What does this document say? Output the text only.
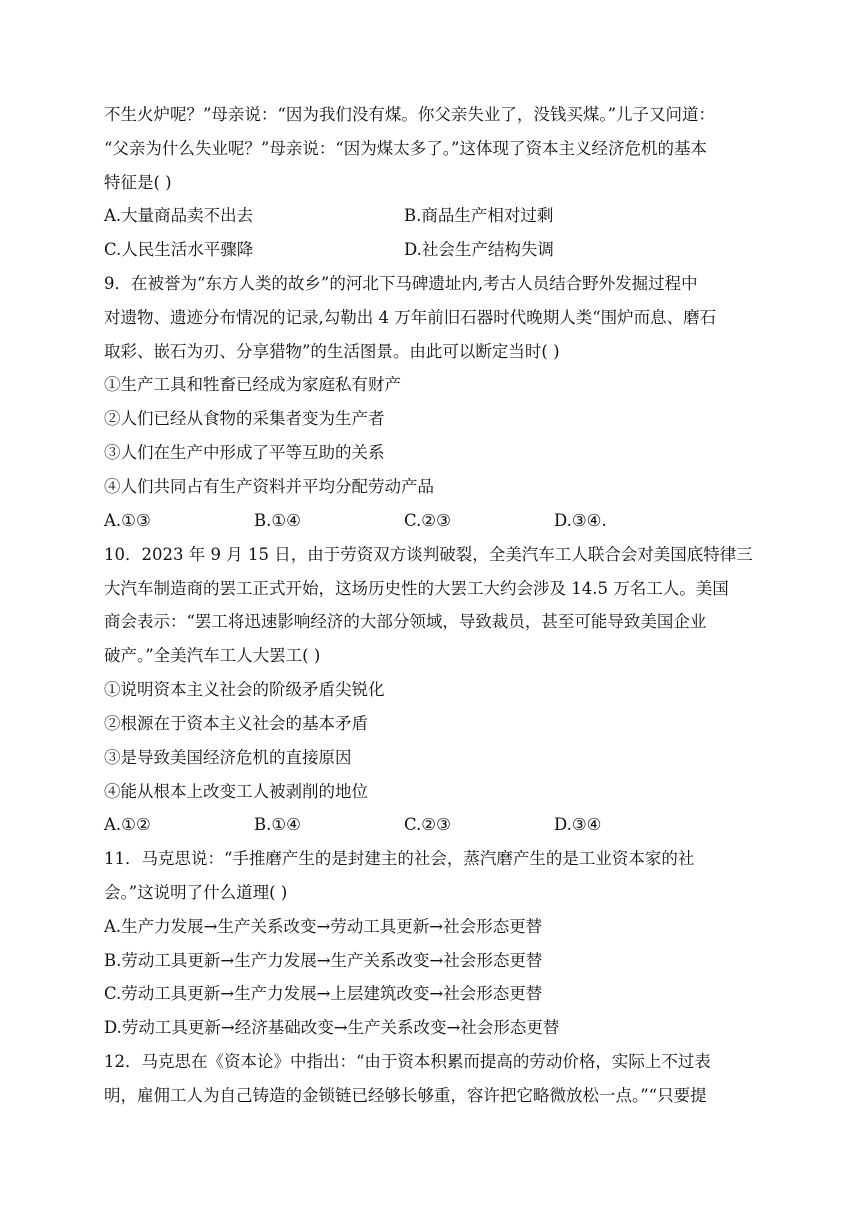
不生火炉呢？”母亲说：“因为我们没有煤。你父亲失业了，没钱买煤。”儿子又问道：
“父亲为什么失业呢？”母亲说：“因为煤太多了。”这体现了资本主义经济危机的基本
特征是( )
A.大量商品卖不出去	B.商品生产相对过剩
C.人民生活水平骤降	D.社会生产结构失调
9．在被誉为“东方人类的故乡”的河北下马碑遗址内,考古人员结合野外发掘过程中
对遗物、遗迹分布情况的记录,勾勒出 4 万年前旧石器时代晚期人类“围炉而息、磨石
取彩、嵌石为刃、分享猎物”的生活图景。由此可以断定当时( )
①生产工具和牲畜已经成为家庭私有财产
②人们已经从食物的采集者变为生产者
③人们在生产中形成了平等互助的关系
④人们共同占有生产资料并平均分配劳动产品
A.①③	B.①④	C.②③	D.③④.
10．2023 年 9 月 15 日，由于劳资双方谈判破裂，全美汽车工人联合会对美国底特律三
大汽车制造商的罢工正式开始，这场历史性的大罢工大约会涉及 14.5 万名工人。美国
商会表示：“罢工将迅速影响经济的大部分领域，导致裁员，甚至可能导致美国企业
破产。”全美汽车工人大罢工( )
①说明资本主义社会的阶级矛盾尖锐化
②根源在于资本主义社会的基本矛盾
③是导致美国经济危机的直接原因
④能从根本上改变工人被剥削的地位
A.①②	B.①④	C.②③	D.③④
11．马克思说：“手推磨产生的是封建主的社会，蒸汽磨产生的是工业资本家的社
会。”这说明了什么道理( )
A.生产力发展→生产关系改变→劳动工具更新→社会形态更替
B.劳动工具更新→生产力发展→生产关系改变→社会形态更替
C.劳动工具更新→生产力发展→上层建筑改变→社会形态更替
D.劳动工具更新→经济基础改变→生产关系改变→社会形态更替
12．马克思在《资本论》中指出：“由于资本积累而提高的劳动价格，实际上不过表
明，雇佣工人为自己铸造的金锁链已经够长够重，容许把它略微放松一点。”“只要提
